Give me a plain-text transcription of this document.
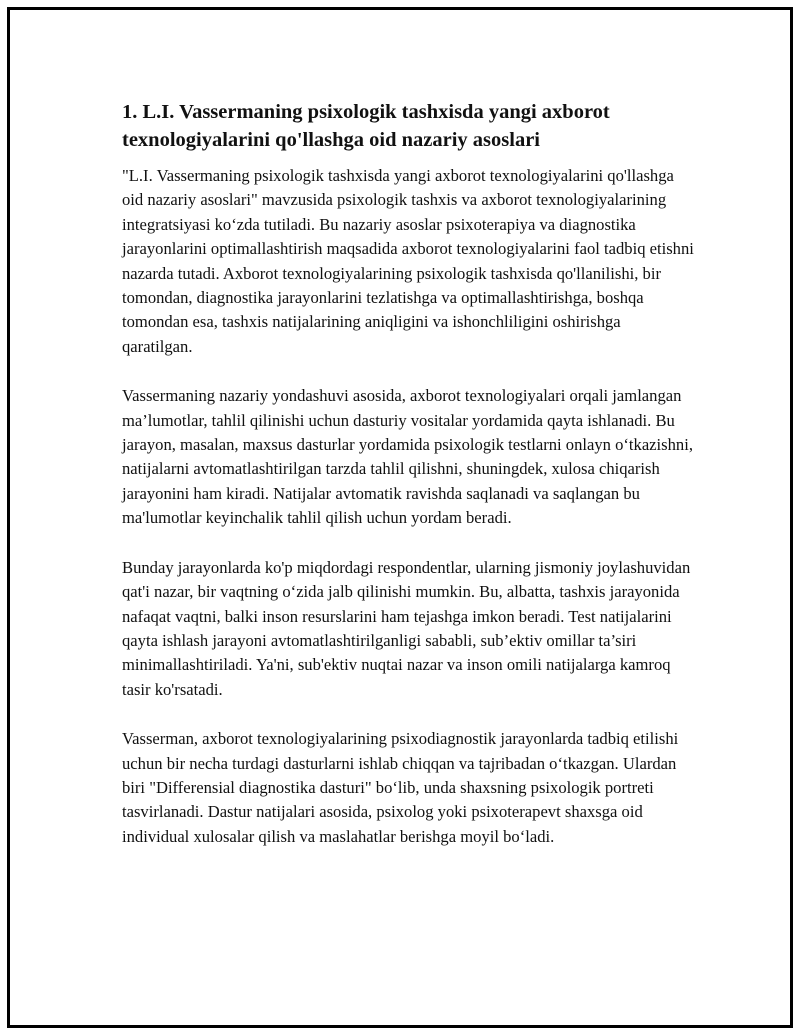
1. L.I. Vassermaning psixologik tashxisda yangi axborot texnologiyalarini qo'llashga oid nazariy asoslari

"L.I. Vassermaning psixologik tashxisda yangi axborot texnologiyalarini qo'llashga oid nazariy asoslari" mavzusida psixologik tashxis va axborot texnologiyalarining integratsiyasi ko‘zda tutiladi. Bu nazariy asoslar psixoterapiya va diagnostika jarayonlarini optimallashtirish maqsadida axborot texnologiyalarini faol tadbiq etishni nazarda tutadi. Axborot texnologiyalarining psixologik tashxisda qo'llanilishi, bir tomondan, diagnostika jarayonlarini tezlatishga va optimallashtirishga, boshqa tomondan esa, tashxis natijalarining aniqligini va ishonchliligini oshirishga qaratilgan.

Vassermaning nazariy yondashuvi asosida, axborot texnologiyalari orqali jamlangan ma’lumotlar, tahlil qilinishi uchun dasturiy vositalar yordamida qayta ishlanadi. Bu jarayon, masalan, maxsus dasturlar yordamida psixologik testlarni onlayn o‘tkazishni, natijalarni avtomatlashtirilgan tarzda tahlil qilishni, shuningdek, xulosa chiqarish jarayonini ham kiradi. Natijalar avtomatik ravishda saqlanadi va saqlangan bu ma'lumotlar keyinchalik tahlil qilish uchun yordam beradi.

Bunday jarayonlarda ko'p miqdordagi respondentlar, ularning jismoniy joylashuvidan qat'i nazar, bir vaqtning o‘zida jalb qilinishi mumkin. Bu, albatta, tashxis jarayonida nafaqat vaqtni, balki inson resurslarini ham tejashga imkon beradi. Test natijalarini qayta ishlash jarayoni avtomatlashtirilganligi sababli, sub’ektiv omillar ta’siri minimallashtiriladi. Ya'ni, sub'ektiv nuqtai nazar va inson omili natijalarga kamroq tasir ko'rsatadi.

Vasserman, axborot texnologiyalarining psixodiagnostik jarayonlarda tadbiq etilishi uchun bir necha turdagi dasturlarni ishlab chiqqan va tajribadan o‘tkazgan. Ulardan biri "Differensial diagnostika dasturi" bo‘lib, unda shaxsning psixologik portreti tasvirlanadi. Dastur natijalari asosida, psixolog yoki psixoterapevt shaxsga oid individual xulosalar qilish va maslahatlar berishga moyil bo‘ladi.
